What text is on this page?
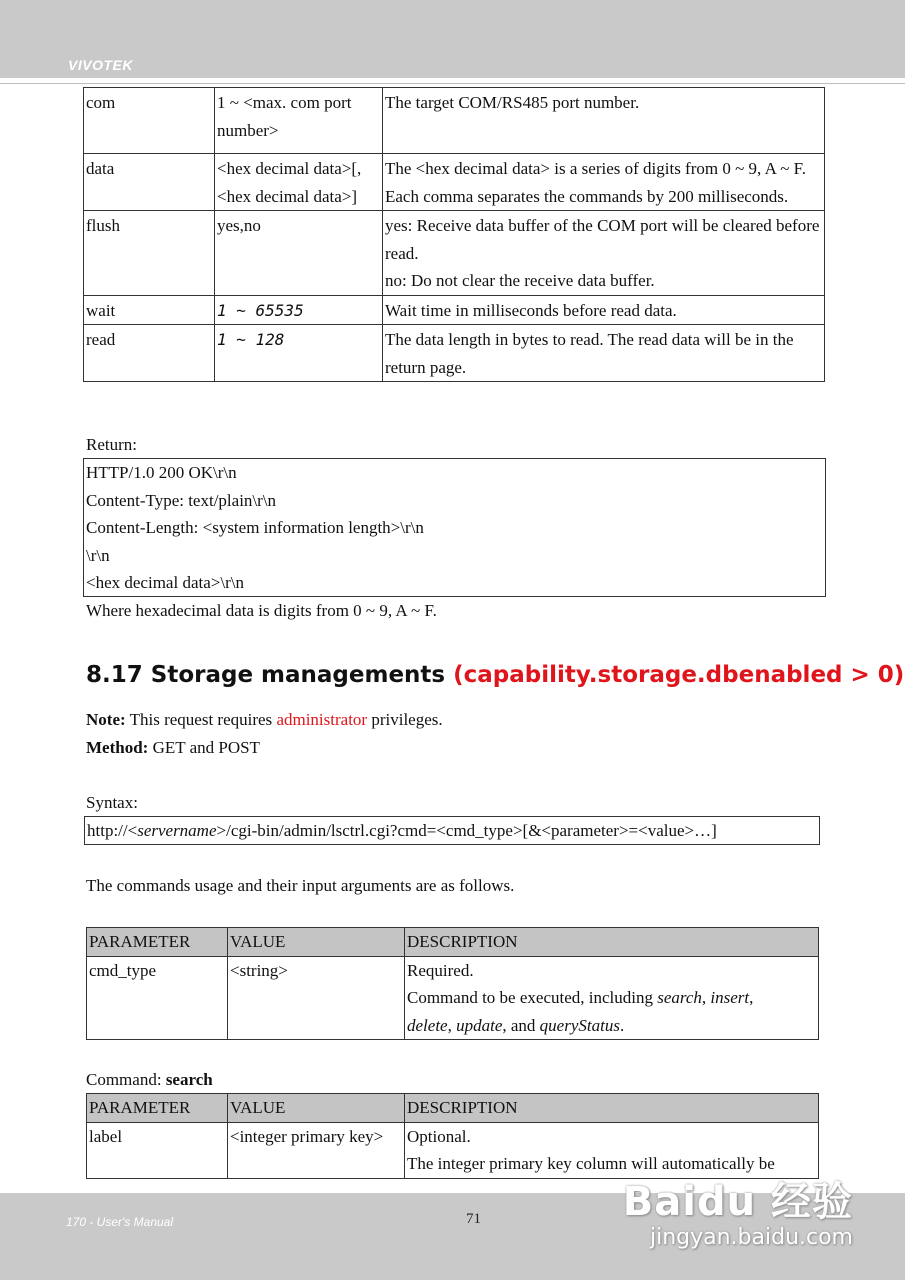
VIVOTEK
com	1 ~ <max. com port number>	The target COM/RS485 port number.
data	<hex decimal data>[,<hex decimal data>]	The <hex decimal data> is a series of digits from 0 ~ 9, A ~ F. Each comma separates the commands by 200 milliseconds.
flush	yes,no	yes: Receive data buffer of the COM port will be cleared before read.
no: Do not clear the receive data buffer.

wait	1 ~ 65535	Wait time in milliseconds before read data.
read	1 ~ 128	The data length in bytes to read. The read data will be in the return page.
Return:
HTTP/1.0 200 OK\r\n
Content-Type: text/plain\r\n
Content-Length: <system information length>\r\n
\r\n
<hex decimal data>\r\n
Where hexadecimal data is digits from 0 ~ 9, A ~ F.
8.17 Storage managements (capability.storage.dbenabled > 0)
Note: This request requires administrator privileges.
Method: GET and POST
Syntax:
http://<servername>/cgi-bin/admin/lsctrl.cgi?cmd=<cmd_type>[&<parameter>=<value>…]
The commands usage and their input arguments are as follows.
PARAMETER	VALUE	DESCRIPTION
cmd_type	<string>	Required.
Command to be executed, including search, insert,
delete, update, and queryStatus.
Command: search
PARAMETER	VALUE	DESCRIPTION
label	<integer primary key>	Optional.
The integer primary key column will automatically be
170 - User's Manual	71	Baidu 经验
jingyan.baidu.com
